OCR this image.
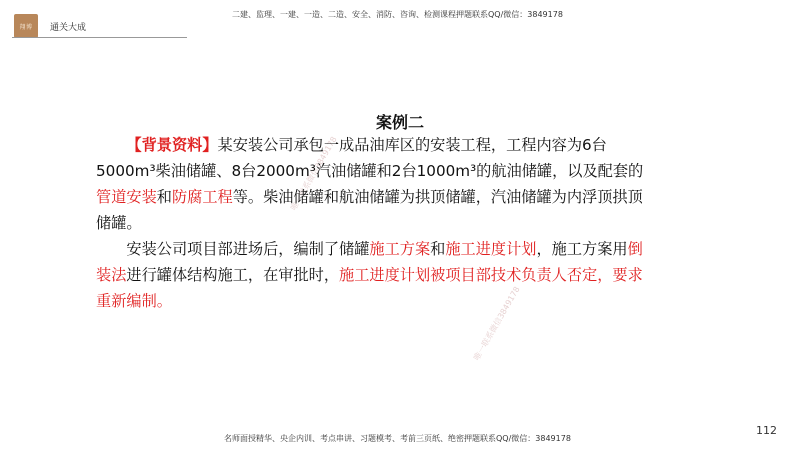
翔博 通关大成
二建、监理、一建、一造、二造、安全、消防、咨询、检测课程押题联系QQ/微信：3849178
唯一联系微信3849178
唯一联系微信3849178
案例二

【背景资料】某安装公司承包一成品油库区的安装工程，工程内容为6台5000m³柴油储罐、8台2000m³汽油储罐和2台1000m³的航油储罐，以及配套的管道安装和防腐工程等。柴油储罐和航油储罐为拱顶储罐，汽油储罐为内浮顶拱顶储罐。

安装公司项目部进场后，编制了储罐施工方案和施工进度计划，施工方案用倒装法进行罐体结构施工，在审批时，施工进度计划被项目部技术负责人否定，要求重新编制。

112
名师面授精华、央企内训、考点串讲、习题模考、考前三页纸、绝密押题联系QQ/微信：3849178
